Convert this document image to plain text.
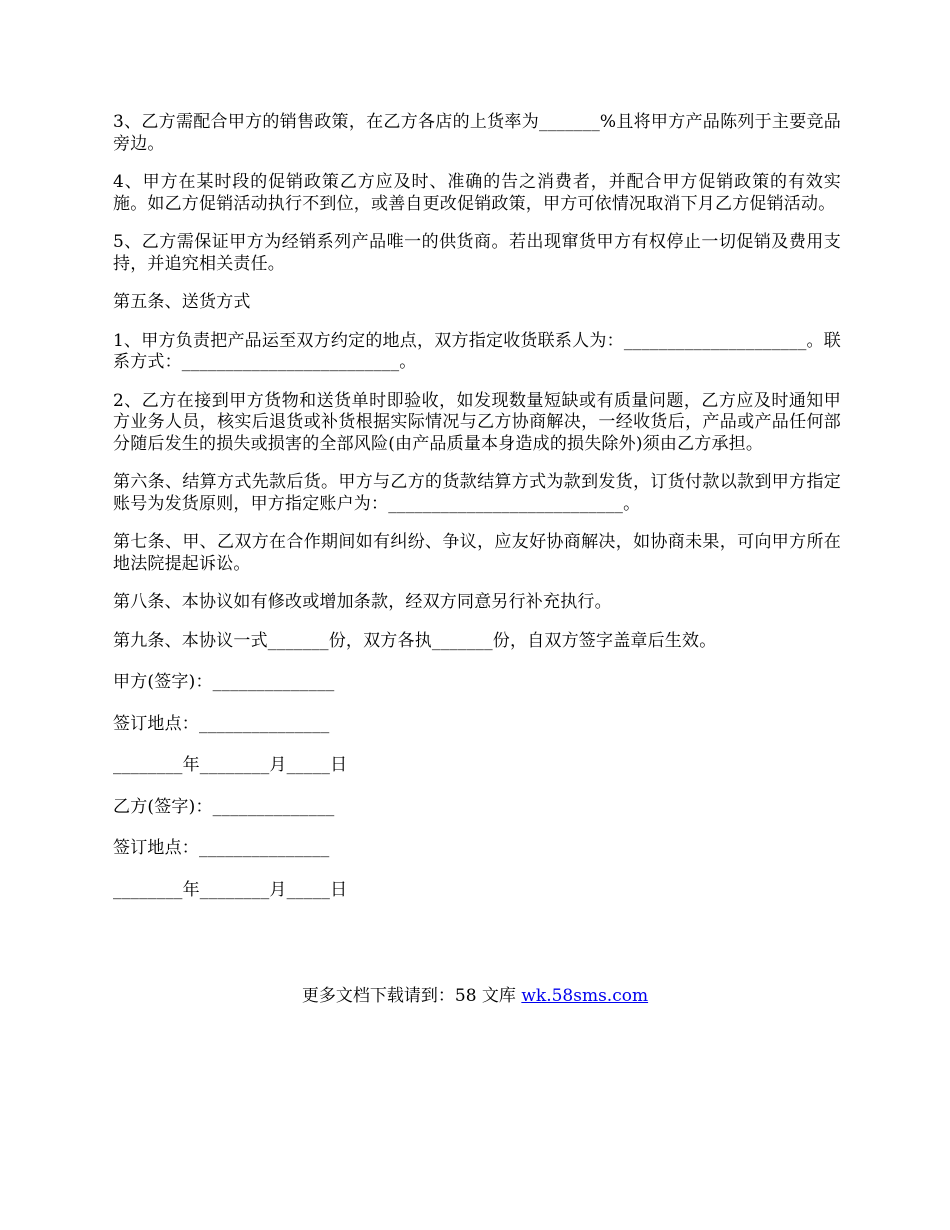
3、乙方需配合甲方的销售政策，在乙方各店的上货率为_______%且将甲方产品陈列于主要竞品旁边。

4、甲方在某时段的促销政策乙方应及时、准确的告之消费者，并配合甲方促销政策的有效实施。如乙方促销活动执行不到位，或善自更改促销政策，甲方可依情况取消下月乙方促销活动。

5、乙方需保证甲方为经销系列产品唯一的供货商。若出现窜货甲方有权停止一切促销及费用支持，并追究相关责任。

第五条、送货方式

1、甲方负责把产品运至双方约定的地点，双方指定收货联系人为：_____________________。联系方式：_________________________。

2、乙方在接到甲方货物和送货单时即验收，如发现数量短缺或有质量问题，乙方应及时通知甲方业务人员，核实后退货或补货根据实际情况与乙方协商解决，一经收货后，产品或产品任何部分随后发生的损失或损害的全部风险(由产品质量本身造成的损失除外)须由乙方承担。

第六条、结算方式先款后货。甲方与乙方的货款结算方式为款到发货，订货付款以款到甲方指定账号为发货原则，甲方指定账户为：___________________________。

第七条、甲、乙双方在合作期间如有纠纷、争议，应友好协商解决，如协商未果，可向甲方所在地法院提起诉讼。

第八条、本协议如有修改或增加条款，经双方同意另行补充执行。

第九条、本协议一式_______份，双方各执_______份，自双方签字盖章后生效。

甲方(签字)：______________

签订地点：_______________

________年________月_____日

乙方(签字)：______________

签订地点：_______________

________年________月_____日

更多文档下载请到：58 文库 wk.58sms.com
